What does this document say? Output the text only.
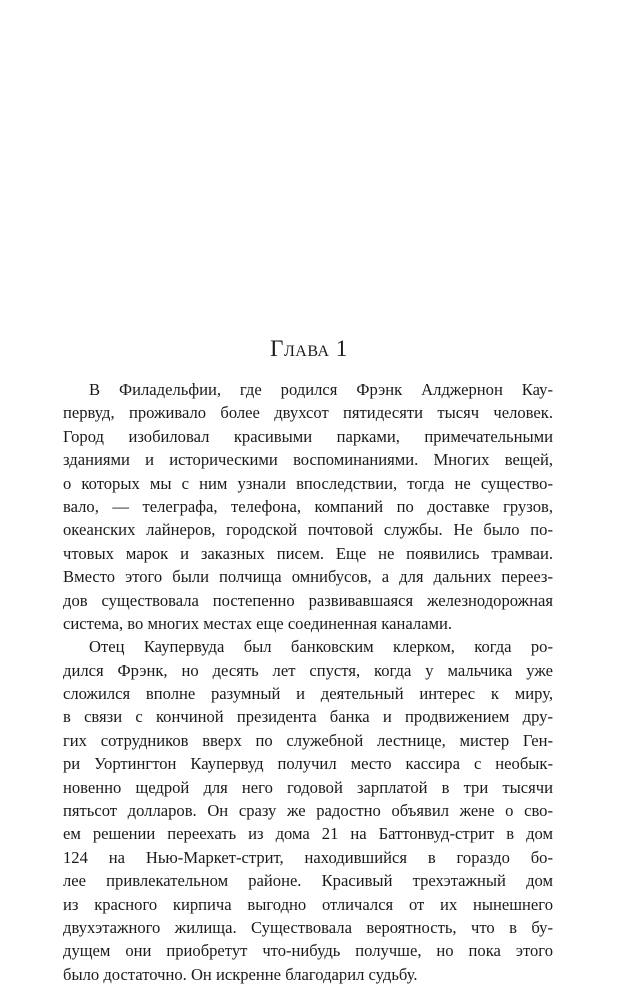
Глава 1
В Филадельфии, где родился Фрэнк Алджернон Кау-
первуд, проживало более двухсот пятидесяти тысяч человек.
Город изобиловал красивыми парками, примечательными
зданиями и историческими воспоминаниями. Многих вещей,
о которых мы с ним узнали впоследствии, тогда не существо-
вало, — телеграфа, телефона, компаний по доставке грузов,
океанских лайнеров, городской почтовой службы. Не было по-
чтовых марок и заказных писем. Еще не появились трамваи.
Вместо этого были полчища омнибусов, а для дальних переез-
дов существовала постепенно развивавшаяся железнодорожная
система, во многих местах еще соединенная каналами.
Отец Каупервуда был банковским клерком, когда ро-
дился Фрэнк, но десять лет спустя, когда у мальчика уже
сложился вполне разумный и деятельный интерес к миру,
в связи с кончиной президента банка и продвижением дру-
гих сотрудников вверх по служебной лестнице, мистер Ген-
ри Уортингтон Каупервуд получил место кассира с необык-
новенно щедрой для него годовой зарплатой в три тысячи
пятьсот долларов. Он сразу же радостно объявил жене о сво-
ем решении переехать из дома 21 на Баттонвуд-стрит в дом
124 на Нью-Маркет-стрит, находившийся в гораздо бо-
лее привлекательном районе. Красивый трехэтажный дом
из красного кирпича выгодно отличался от их нынешнего
двухэтажного жилища. Существовала вероятность, что в бу-
дущем они приобретут что-нибудь получше, но пока этого
было достаточно. Он искренне благодарил судьбу.
